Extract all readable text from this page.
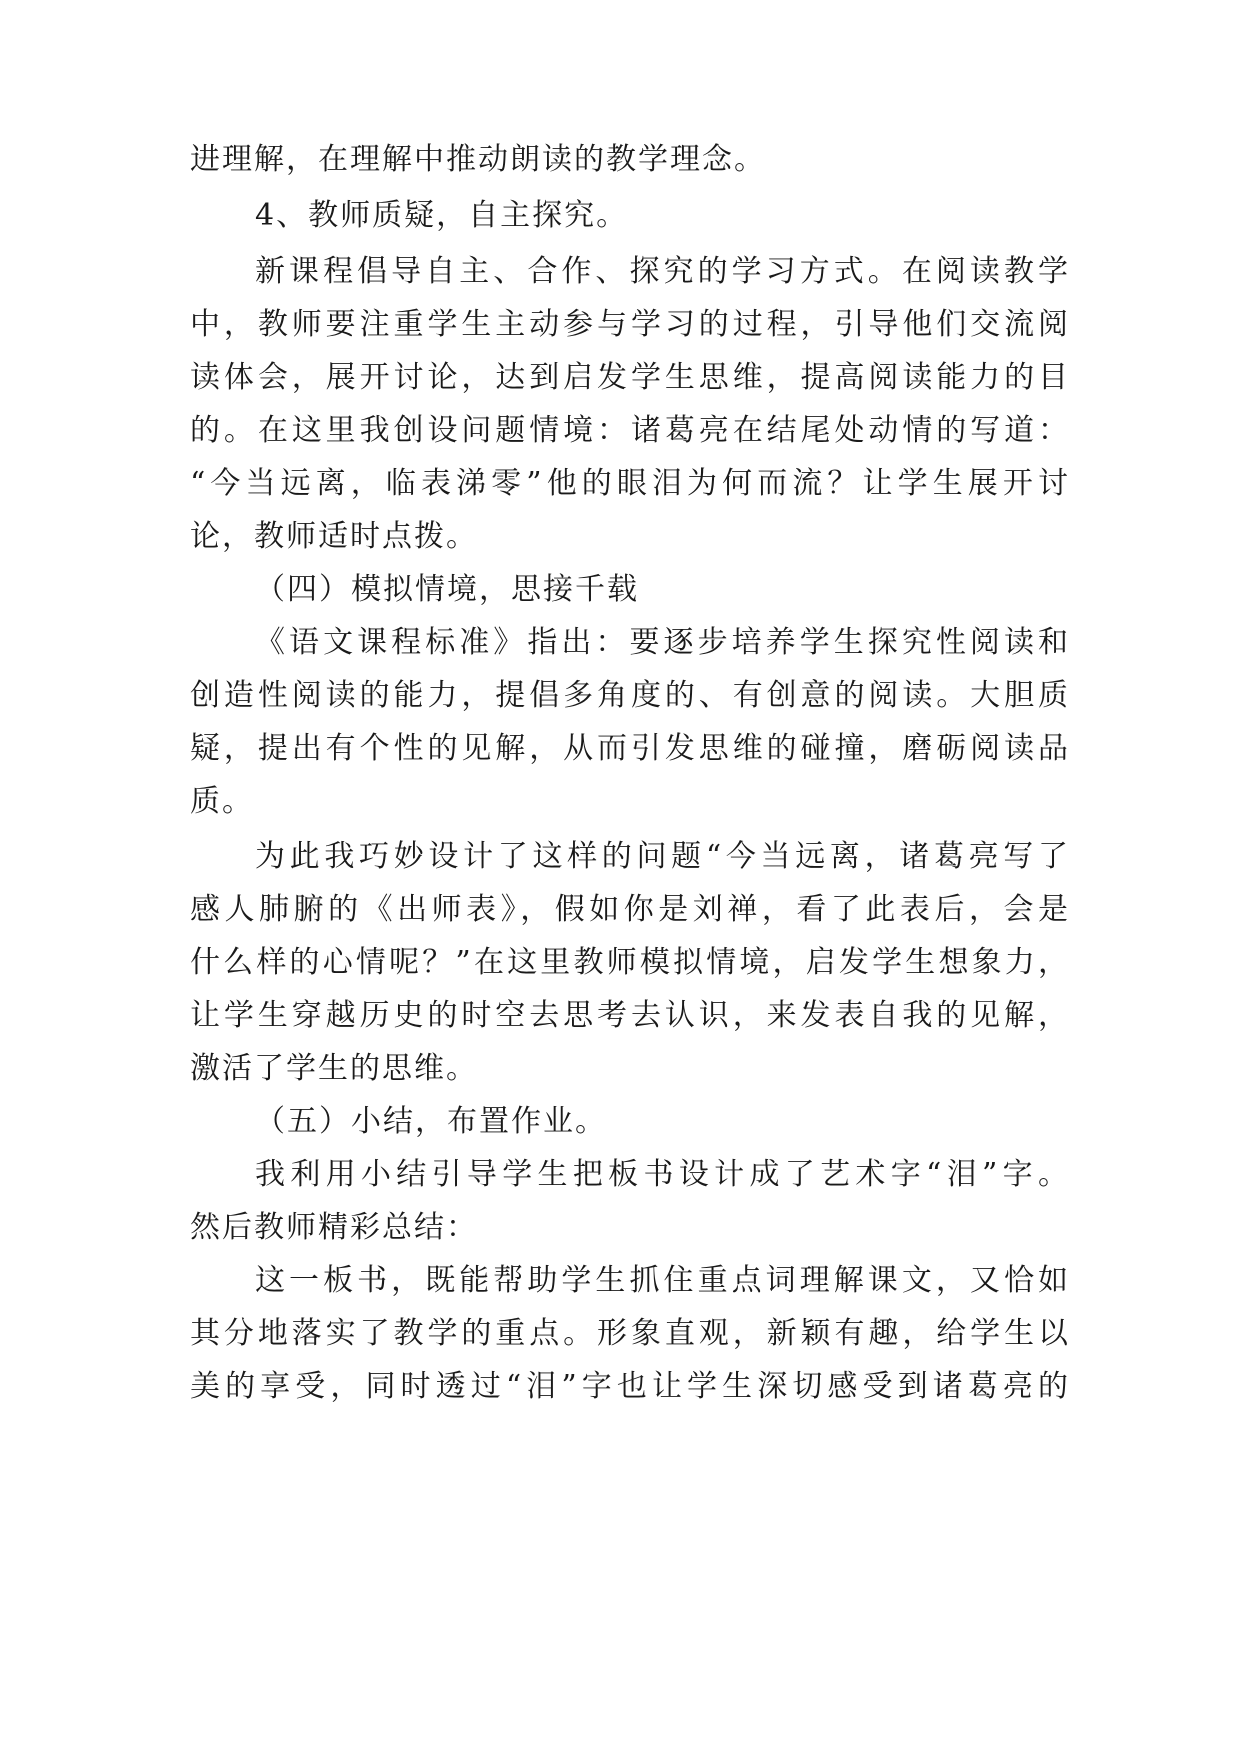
进理解，在理解中推动朗读的教学理念。
4、教师质疑，自主探究。
新课程倡导自主、合作、探究的学习方式。在阅读教学
中，教师要注重学生主动参与学习的过程，引导他们交流阅
读体会，展开讨论，达到启发学生思维，提高阅读能力的目
的。在这里我创设问题情境：诸葛亮在结尾处动情的写道：
“今当远离，临表涕零”他的眼泪为何而流？让学生展开讨
论，教师适时点拨。
（四）模拟情境，思接千载
《语文课程标准》指出：要逐步培养学生探究性阅读和
创造性阅读的能力，提倡多角度的、有创意的阅读。大胆质
疑，提出有个性的见解，从而引发思维的碰撞，磨砺阅读品
质。
为此我巧妙设计了这样的问题“今当远离，诸葛亮写了
感人肺腑的《出师表》，假如你是刘禅，看了此表后，会是
什么样的心情呢？”在这里教师模拟情境，启发学生想象力，
让学生穿越历史的时空去思考去认识，来发表自我的见解，
激活了学生的思维。
（五）小结，布置作业。
我利用小结引导学生把板书设计成了艺术字“泪”字。
然后教师精彩总结：
这一板书，既能帮助学生抓住重点词理解课文，又恰如
其分地落实了教学的重点。形象直观，新颖有趣，给学生以
美的享受，同时透过“泪”字也让学生深切感受到诸葛亮的
